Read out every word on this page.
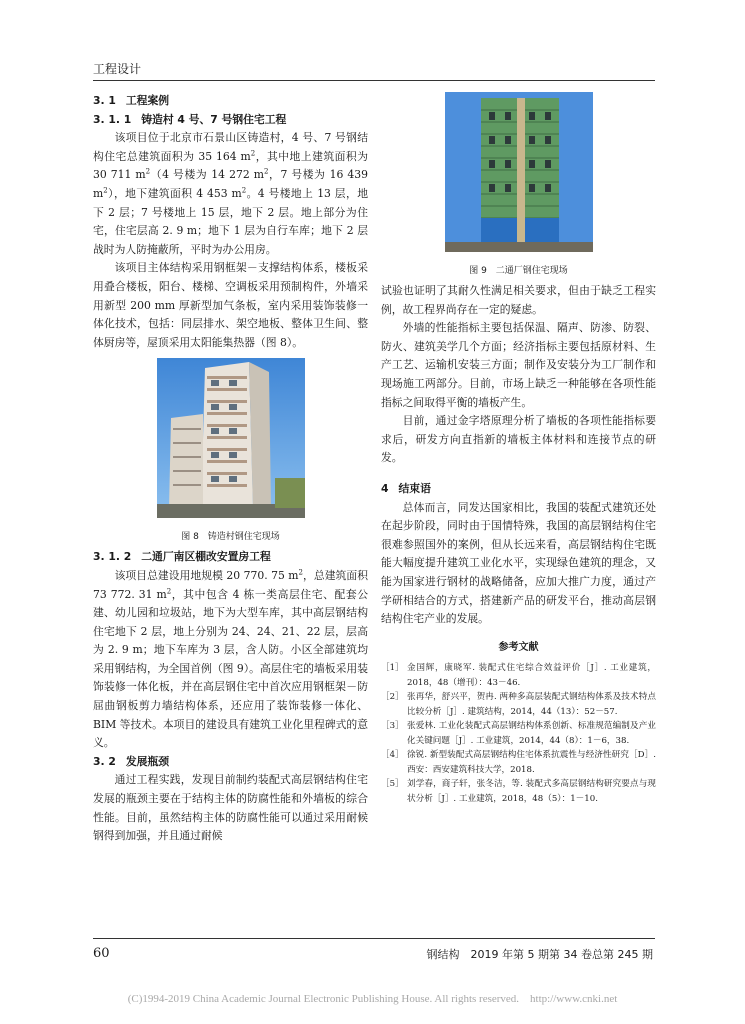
工程设计
3. 1 工程案例
3. 1. 1 铸造村 4 号、7 号钢住宅工程

该项目位于北京市石景山区铸造村，4 号、7 号钢结构住宅总建筑面积为 35 164 $m^2$，其中地上建筑面积为 30 711 $m^2(4$ 号楼为 14 272 $m^2$，7 号楼为 16 439 $m^2$），地下建筑面积 4 453 $m^2$。4 号楼地上 13 层，地下 2 层；7 号楼地上 15 层，地下 2 层。地上部分为住宅，住宅层高 2. 9 m；地下 1 层为自行车库；地下 2 层战时为人防掩蔽所，平时为办公用房。

该项目主体结构采用钢框架－支撑结构体系，楼板采用叠合楼板，阳台、楼梯、空调板采用预制构件，外墙采用新型 200 mm 厚新型加气条板，室内采用装饰装修一体化技术，包括：同层排水、架空地板、整体卫生间、整体厨房等，屋顶采用太阳能集热器（图 8）。

图 8　铸造村钢住宅现场
3. 1. 2 二通厂南区棚改安置房工程

该项目总建设用地规模 20 770. 75 $m^2$，总建筑面积 73 772. 31 $m^2$，其中包含 4 栋一类高层住宅、配套公建、幼儿园和垃圾站，地下为大型车库，其中高层钢结构住宅地下 2 层，地上分别为 24、24、21、22 层，层高为 2. 9 m；地下车库为 3 层，含人防。小区全部建筑均采用钢结构，为全国首例（图 9）。高层住宅的墙板采用装饰装修一体化板，并在高层钢住宅中首次应用钢框架－防屈曲钢板剪力墙结构体系，还应用了装饰装修一体化、BIM 等技术。本项目的建设具有建筑工业化里程碑式的意义。

3. 2 发展瓶颈

通过工程实践，发现目前制约装配式高层钢结构住宅发展的瓶颈主要在于结构主体的防腐性能和外墙板的综合性能。目前，虽然结构主体的防腐性能可以通过采用耐候钢得到加强，并且通过耐候

图 9　二通厂钢住宅现场

试验也证明了其耐久性满足相关要求，但由于缺乏工程实例，故工程界尚存在一定的疑虑。

外墙的性能指标主要包括保温、隔声、防渗、防裂、防火、建筑美学几个方面；经济指标主要包括原材料、生产工艺、运输机安装三方面；制作及安装分为工厂制作和现场施工两部分。目前，市场上缺乏一种能够在各项性能指标之间取得平衡的墙板产生。

目前，通过金字塔原理分析了墙板的各项性能指标要求后，研发方向直指新的墙板主体材料和连接节点的研发。

4 结束语

总体而言，同发达国家相比，我国的装配式建筑还处在起步阶段，同时由于国情特殊，我国的高层钢结构住宅很难参照国外的案例，但从长远来看，高层钢结构住宅既能大幅度提升建筑工业化水平，实现绿色建筑的理念，又能为国家进行钢材的战略储备，应加大推广力度，通过产学研相结合的方式，搭建新产品的研发平台，推动高层钢结构住宅产业的发展。

参考文献
［1］ 金国辉，康晓军. 装配式住宅综合效益评价［J］. 工业建筑，2018，48（增刊）：43－46.
［2］ 张再华，舒兴平，贺冉. 两种多高层装配式钢结构体系及技术特点比较分析［J］. 建筑结构，2014，44（13）：52－57.
［3］ 张爱林. 工业化装配式高层钢结构体系创新、标准规范编制及产业化关键问题［J］. 工业建筑，2014，44（8）：1－6，38.
［4］ 徐锐. 新型装配式高层钢结构住宅体系抗震性与经济性研究［D］. 西安：西安建筑科技大学，2018.
［5］ 刘学春，商子轩，张冬洁，等. 装配式多高层钢结构研究要点与现状分析［J］. 工业建筑，2018，48（5）：1－10.
60	钢结构　2019 年第 5 期第 34 卷总第 245 期
(C)1994-2019 China Academic Journal Electronic Publishing House. All rights reserved.　http://www.cnki.net
